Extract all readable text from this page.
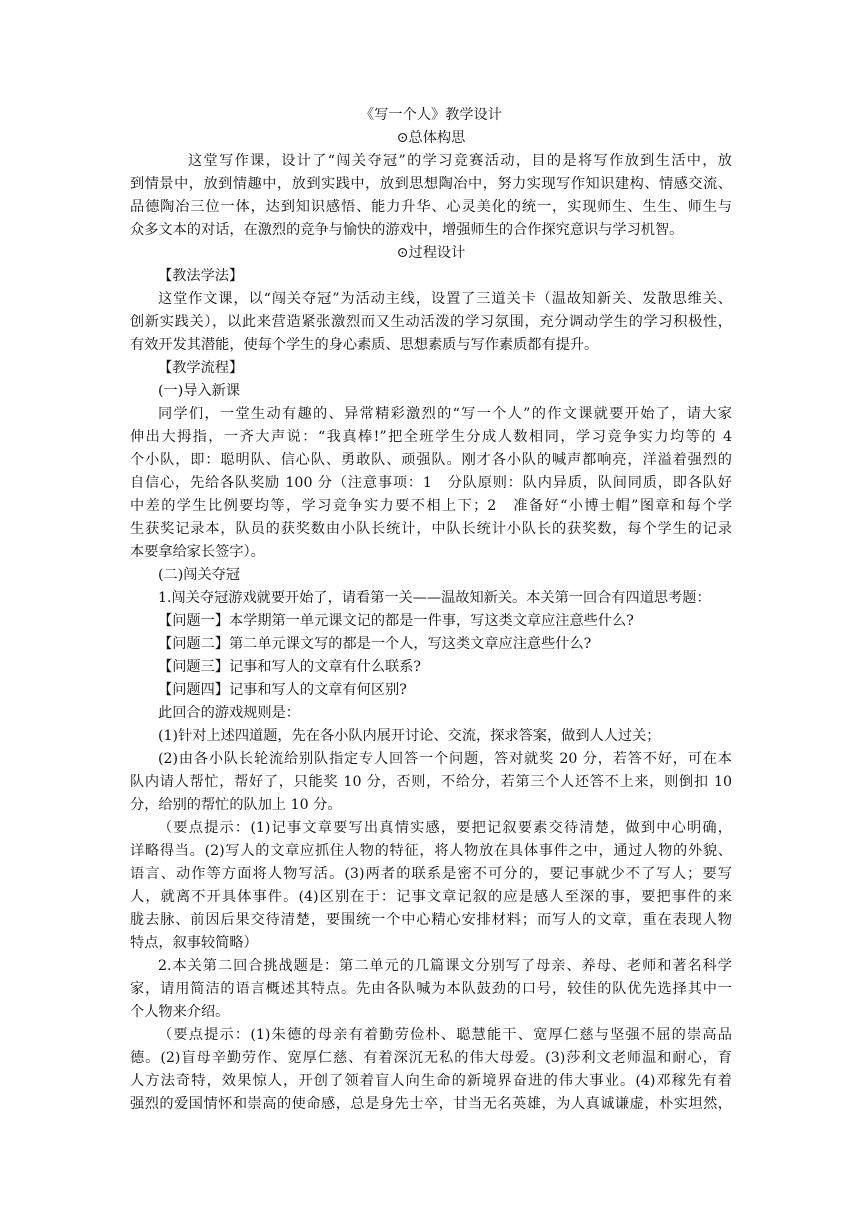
《写一个人》教学设计
⊙总体构思
这堂写作课，设计了“闯关夺冠”的学习竞赛活动，目的是将写作放到生活中，放
到情景中，放到情趣中，放到实践中，放到思想陶冶中，努力实现写作知识建构、情感交流、
品德陶冶三位一体，达到知识感悟、能力升华、心灵美化的统一，实现师生、生生、师生与
众多文本的对话，在激烈的竞争与愉快的游戏中，增强师生的合作探究意识与学习机智。
⊙过程设计
【教法学法】
这堂作文课，以“闯关夺冠”为活动主线，设置了三道关卡（温故知新关、发散思维关、
创新实践关），以此来营造紧张激烈而又生动活泼的学习氛围，充分调动学生的学习积极性，
有效开发其潜能，使每个学生的身心素质、思想素质与写作素质都有提升。
【教学流程】
(一)导入新课
同学们，一堂生动有趣的、异常精彩激烈的“写一个人”的作文课就要开始了，请大家
伸出大拇指，一齐大声说：“我真棒!”把全班学生分成人数相同，学习竞争实力均等的 4
个小队，即：聪明队、信心队、勇敢队、顽强队。刚才各小队的喊声都响亮，洋溢着强烈的
自信心，先给各队奖励 100 分（注意事项：1　分队原则：队内异质，队间同质，即各队好
中差的学生比例要均等，学习竞争实力要不相上下；2　准备好“小博士帽”图章和每个学
生获奖记录本，队员的获奖数由小队长统计，中队长统计小队长的获奖数，每个学生的记录
本要拿给家长签字）。
(二)闯关夺冠
1.闯关夺冠游戏就要开始了，请看第一关——温故知新关。本关第一回合有四道思考题：
【问题一】本学期第一单元课文记的都是一件事，写这类文章应注意些什么?
【问题二】第二单元课文写的都是一个人，写这类文章应注意些什么?
【问题三】记事和写人的文章有什么联系?
【问题四】记事和写人的文章有何区别?
此回合的游戏规则是：
(1)针对上述四道题，先在各小队内展开讨论、交流，探求答案，做到人人过关；
(2)由各小队长轮流给别队指定专人回答一个问题，答对就奖 20 分，若答不好，可在本
队内请人帮忙，帮好了，只能奖 10 分，否则，不给分，若第三个人还答不上来，则倒扣 10
分，给别的帮忙的队加上 10 分。
（要点提示：(1)记事文章要写出真情实感，要把记叙要素交待清楚，做到中心明确，
详略得当。(2)写人的文章应抓住人物的特征，将人物放在具体事件之中，通过人物的外貌、
语言、动作等方面将人物写活。(3)两者的联系是密不可分的，要记事就少不了写人；要写
人，就离不开具体事件。(4)区别在于：记事文章记叙的应是感人至深的事，要把事件的来
胧去脉、前因后果交待清楚，要围统一个中心精心安排材料；而写人的文章，重在表现人物
特点，叙事较简略）
2.本关第二回合挑战题是：第二单元的几篇课文分别写了母亲、养母、老师和著名科学
家，请用简洁的语言概述其特点。先由各队喊为本队鼓劲的口号，较佳的队优先选择其中一
个人物来介绍。
（要点提示：(1)朱德的母亲有着勤劳俭朴、聪慧能干、宽厚仁慈与坚强不屈的崇高品
德。(2)盲母辛勤劳作、宽厚仁慈、有着深沉无私的伟大母爱。(3)莎利文老师温和耐心，育
人方法奇特，效果惊人，开创了领着盲人向生命的新境界奋进的伟大事业。(4)邓稼先有着
强烈的爱国情怀和崇高的使命感，总是身先士卒，甘当无名英雄，为人真诚谦虚，朴实坦然，
